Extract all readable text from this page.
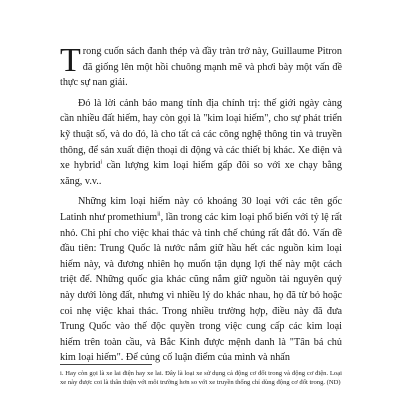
Trong cuốn sách đanh thép và đầy tràn trở này, Guillaume Pitron đã giống lên một hồi chuông mạnh mẽ và phơi bày một vấn đề thực sự nan giải.

Đó là lời cảnh báo mang tính địa chính trị: thế giới ngày càng cần nhiều đất hiếm, hay còn gọi là "kim loại hiếm", cho sự phát triển kỹ thuật số, và do đó, là cho tất cả các công nghệ thông tin và truyền thông, để sản xuất điện thoại di động và các thiết bị khác. Xe điện và xe hybrid$^i$ cần lượng kim loại hiếm gấp đôi so với xe chạy bằng xăng, v.v..

Những kim loại hiếm này có khoảng 30 loại với các tên gốc Latinh như promethium$^{ii}$, lần trong các kim loại phổ biến với tỷ lệ rất nhỏ. Chi phí cho việc khai thác và tinh chế chúng rất đắt đỏ. Vấn đề đầu tiên: Trung Quốc là nước nắm giữ hầu hết các nguồn kim loại hiếm này, và đương nhiên họ muốn tận dụng lợi thế này một cách triệt để. Những quốc gia khác cũng nắm giữ nguồn tài nguyên quý này dưới lòng đất, nhưng vì nhiều lý do khác nhau, họ đã từ bỏ hoặc coi nhẹ việc khai thác. Trong nhiều trường hợp, điều này đã đưa Trung Quốc vào thế độc quyền trong việc cung cấp các kim loại hiếm trên toàn cầu, và Bắc Kinh được mệnh danh là "Tân bá chủ kim loại hiếm". Để củng cố luận điểm của mình và nhấn

i. Hay còn gọi là xe lai điện hay xe lai. Đây là loại xe sử dụng cả động cơ đốt trong và động cơ điện. Loại xe này được coi là thân thiện với môi trường hơn so với xe truyền thống chỉ dùng động cơ đốt trong. (ND)
